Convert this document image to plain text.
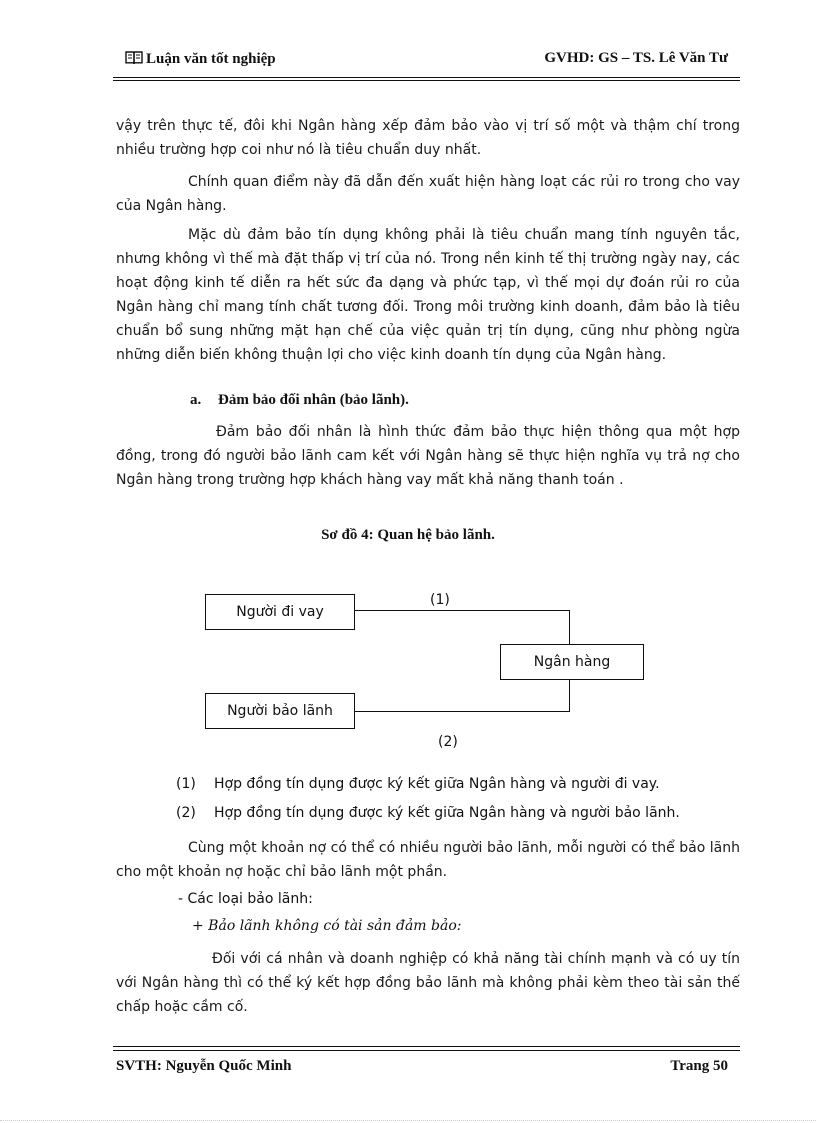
Luận văn tốt nghiệp	GVHD: GS – TS. Lê Văn Tư
vậy trên thực tế, đôi khi Ngân hàng xếp đảm bảo vào vị trí số một và thậm chí trong nhiều trường hợp coi như nó là tiêu chuẩn duy nhất.
Chính quan điểm này đã dẫn đến xuất hiện hàng loạt các rủi ro trong cho vay của Ngân hàng.
Mặc dù đảm bảo tín dụng không phải là tiêu chuẩn mang tính nguyên tắc, nhưng không vì thế mà đặt thấp vị trí của nó. Trong nền kinh tế thị trường ngày nay, các hoạt động kinh tế diễn ra hết sức đa dạng và phức tạp, vì thế mọi dự đoán rủi ro của Ngân hàng chỉ mang tính chất tương đối. Trong môi trường kinh doanh, đảm bảo là tiêu chuẩn bổ sung những mặt hạn chế của việc quản trị tín dụng, cũng như phòng ngừa những diễn biến không thuận lợi cho việc kinh doanh tín dụng của Ngân hàng.
a. Đảm bảo đối nhân (bảo lãnh).
Đảm bảo đối nhân là hình thức đảm bảo thực hiện thông qua một hợp đồng, trong đó người bảo lãnh cam kết với Ngân hàng sẽ thực hiện nghĩa vụ trả nợ cho Ngân hàng trong trường hợp khách hàng vay mất khả năng thanh toán .
Sơ đồ 4: Quan hệ bảo lãnh.
Người đi vay
Ngân hàng
Người bảo lãnh
(1)
(2)
(1) Hợp đồng tín dụng được ký kết giữa Ngân hàng và người đi vay.
(2) Hợp đồng tín dụng được ký kết giữa Ngân hàng và người bảo lãnh.
Cùng một khoản nợ có thể có nhiều người bảo lãnh, mỗi người có thể bảo lãnh cho một khoản nợ hoặc chỉ bảo lãnh một phần.
- Các loại bảo lãnh:
+ Bảo lãnh không có tài sản đảm bảo:
Đối với cá nhân và doanh nghiệp có khả năng tài chính mạnh và có uy tín với Ngân hàng thì có thể ký kết hợp đồng bảo lãnh mà không phải kèm theo tài sản thế chấp hoặc cầm cố.
SVTH: Nguyễn Quốc Minh	Trang 50
